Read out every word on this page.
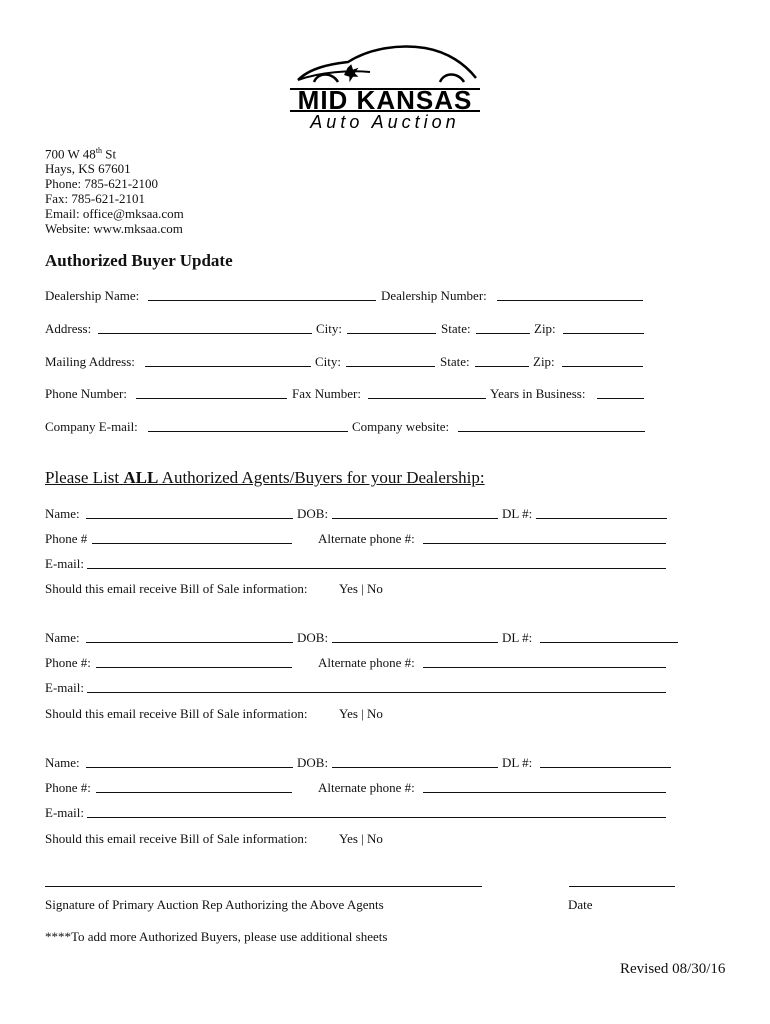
MID KANSAS
Auto Auction
700 W 48th St
Hays, KS 67601
Phone: 785-621-2100
Fax: 785-621-2101
Email: office@mksaa.com
Website: www.mksaa.com
Authorized Buyer Update
Dealership Name:	Dealership Number:
Address:	City:	State:	Zip:
Mailing Address:	City:	State:	Zip:
Phone Number:	Fax Number:	Years in Business:
Company E-mail:	Company website:
Please List ALL Authorized Agents/Buyers for your Dealership:
Name:	DOB:	DL #:
Phone #	Alternate phone #:
E-mail:
Should this email receive Bill of Sale information: Yes | No
Name:	DOB:	DL #:
Phone #:	Alternate phone #:
E-mail:
Should this email receive Bill of Sale information: Yes | No
Name:	DOB:	DL #:
Phone #:	Alternate phone #:
E-mail:
Should this email receive Bill of Sale information: Yes | No
Signature of Primary Auction Rep Authorizing the Above Agents	Date
****To add more Authorized Buyers, please use additional sheets
Revised 08/30/16
